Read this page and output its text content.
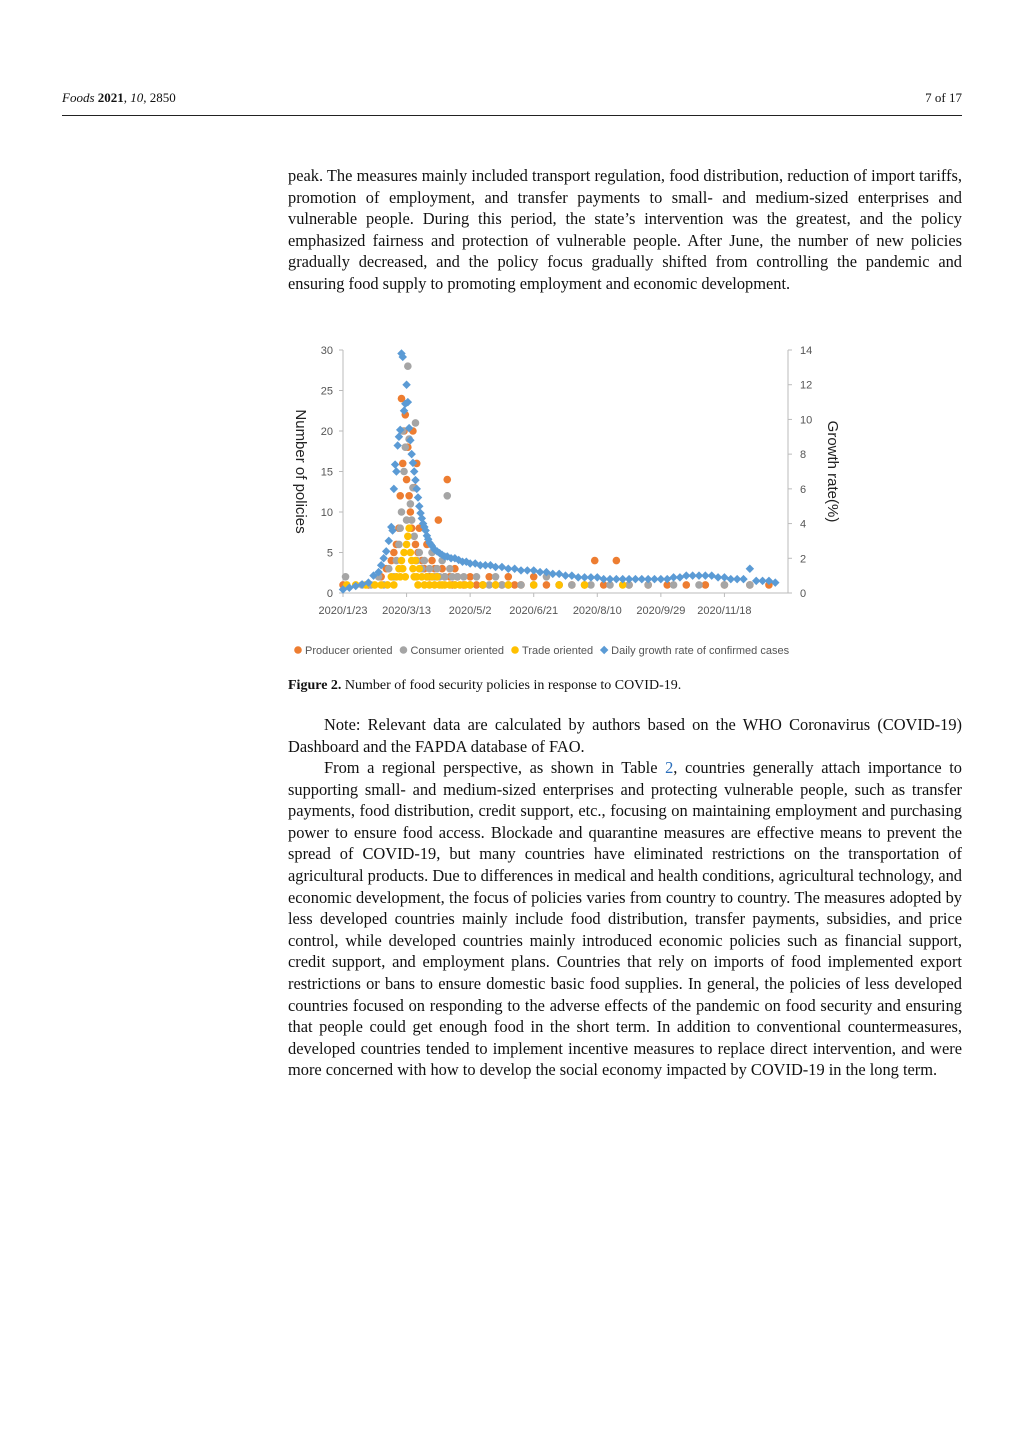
Foods 2021, 10, 2850	7 of 17

peak. The measures mainly included transport regulation, food distribution, reduction of import tariffs, promotion of employment, and transfer payments to small- and medium-sized enterprises and vulnerable people. During this period, the state’s intervention was the greatest, and the policy emphasized fairness and protection of vulnerable people. After June, the number of new policies gradually decreased, and the policy focus gradually shifted from controlling the pandemic and ensuring food supply to promoting employment and economic development.

0
5
10
15
20
25
30
0
2
4
6
8
10
12
14
2020/1/23 2020/3/13 2020/5/2 2020/6/21 2020/8/10 2020/9/29 2020/11/18
Number of policies	Growth rate(%)
Producer oriented Consumer oriented Trade oriented Daily growth rate of confirmed cases
Figure 2. Number of food security policies in response to COVID-19.

Note: Relevant data are calculated by authors based on the WHO Coronavirus (COVID-19) Dashboard and the FAPDA database of FAO.

From a regional perspective, as shown in Table 2, countries generally attach importance to supporting small- and medium-sized enterprises and protecting vulnerable people, such as transfer payments, food distribution, credit support, etc., focusing on maintaining employment and purchasing power to ensure food access. Blockade and quarantine measures are effective means to prevent the spread of COVID-19, but many countries have eliminated restrictions on the transportation of agricultural products. Due to differences in medical and health conditions, agricultural technology, and economic development, the focus of policies varies from country to country. The measures adopted by less developed countries mainly include food distribution, transfer payments, subsidies, and price control, while developed countries mainly introduced economic policies such as financial support, credit support, and employment plans. Countries that rely on imports of food implemented export restrictions or bans to ensure domestic basic food supplies. In general, the policies of less developed countries focused on responding to the adverse effects of the pandemic on food security and ensuring that people could get enough food in the short term. In addition to conventional countermeasures, developed countries tended to implement incentive measures to replace direct intervention, and were more concerned with how to develop the social economy impacted by COVID-19 in the long term.
